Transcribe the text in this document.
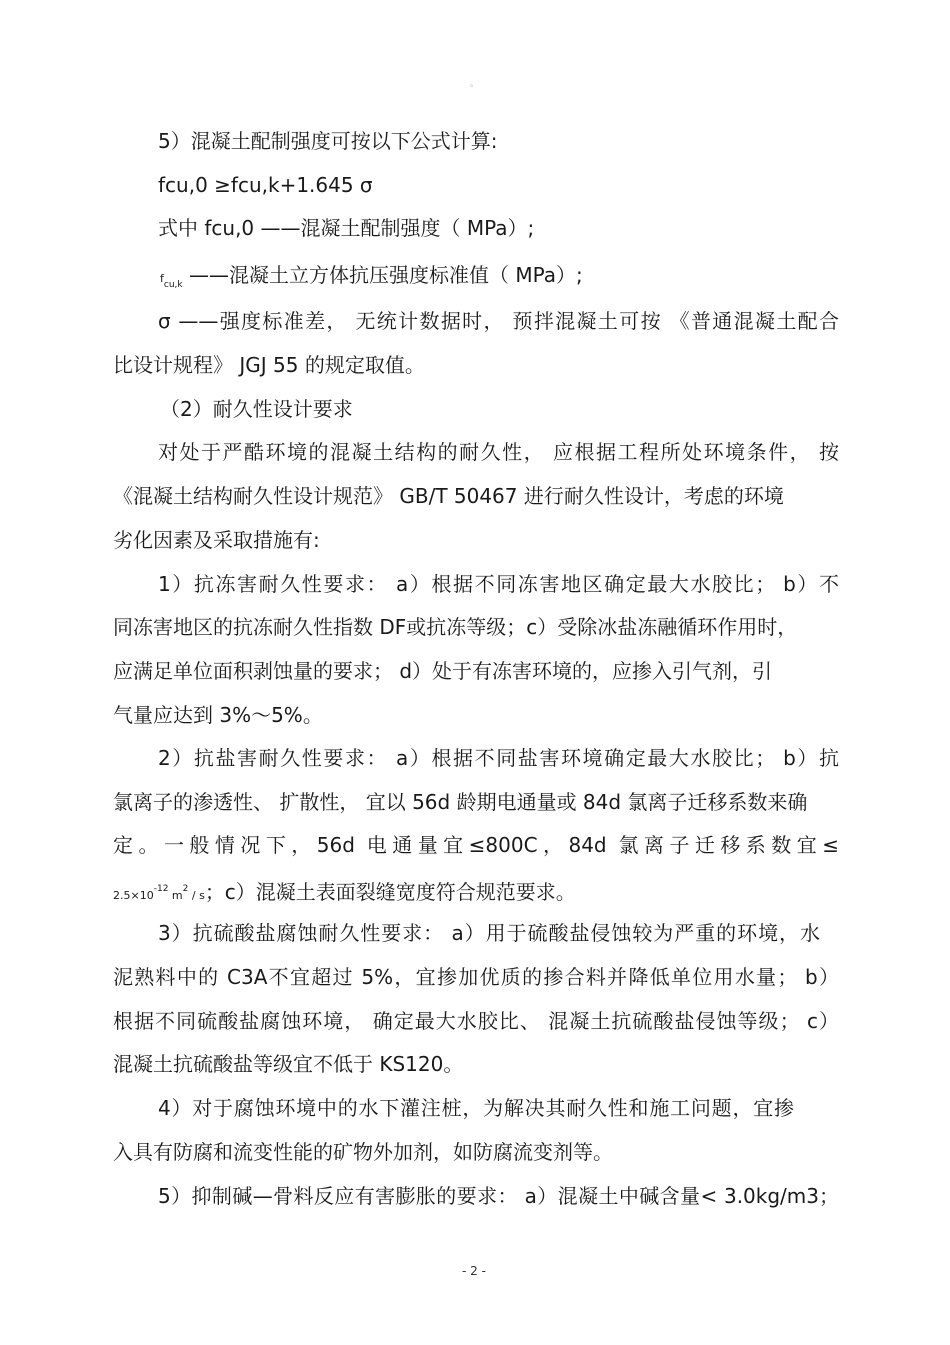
。
5）混凝土配制强度可按以下公式计算:
fcu,0 ≥fcu,k+1.645 σ
式中 fcu,0 ——混凝土配制强度（ MPa）;
$f_{cu,k}$ ——混凝土立方体抗压强度标准值（ MPa）;
σ ——强度标准差， 无统计数据时， 预拌混凝土可按 《普通混凝土配合
比设计规程》 JGJ 55 的规定取值。
（2）耐久性设计要求
对处于严酷环境的混凝土结构的耐久性， 应根据工程所处环境条件， 按
《混凝土结构耐久性设计规范》 GB/T 50467 进行耐久性设计，考虑的环境
劣化因素及采取措施有:
1）抗冻害耐久性要求： a）根据不同冻害地区确定最大水胶比； b）不
同冻害地区的抗冻耐久性指数 DF或抗冻等级；c）受除冰盐冻融循环作用时，
应满足单位面积剥蚀量的要求； d）处于有冻害环境的，应掺入引气剂，引
气量应达到 3%～5%。
2）抗盐害耐久性要求： a）根据不同盐害环境确定最大水胶比； b）抗
氯离子的渗透性、 扩散性， 宜以 56d 龄期电通量或 84d 氯离子迁移系数来确
定。一般情况下，56d 电通量宜≤800C，84d 氯离子迁移系数宜≤
$2.5\times 10^{-12}$ $m^2$ / s；c）混凝土表面裂缝宽度符合规范要求。
3）抗硫酸盐腐蚀耐久性要求： a）用于硫酸盐侵蚀较为严重的环境，水
泥熟料中的 C3A不宜超过 5%，宜掺加优质的掺合料并降低单位用水量； b）
根据不同硫酸盐腐蚀环境， 确定最大水胶比、 混凝土抗硫酸盐侵蚀等级； c）
混凝土抗硫酸盐等级宜不低于 KS120。
4）对于腐蚀环境中的水下灌注桩，为解决其耐久性和施工问题，宜掺
入具有防腐和流变性能的矿物外加剂，如防腐流变剂等。
5）抑制碱—骨料反应有害膨胀的要求： a）混凝土中碱含量< 3.0kg/m3；
- 2 -
